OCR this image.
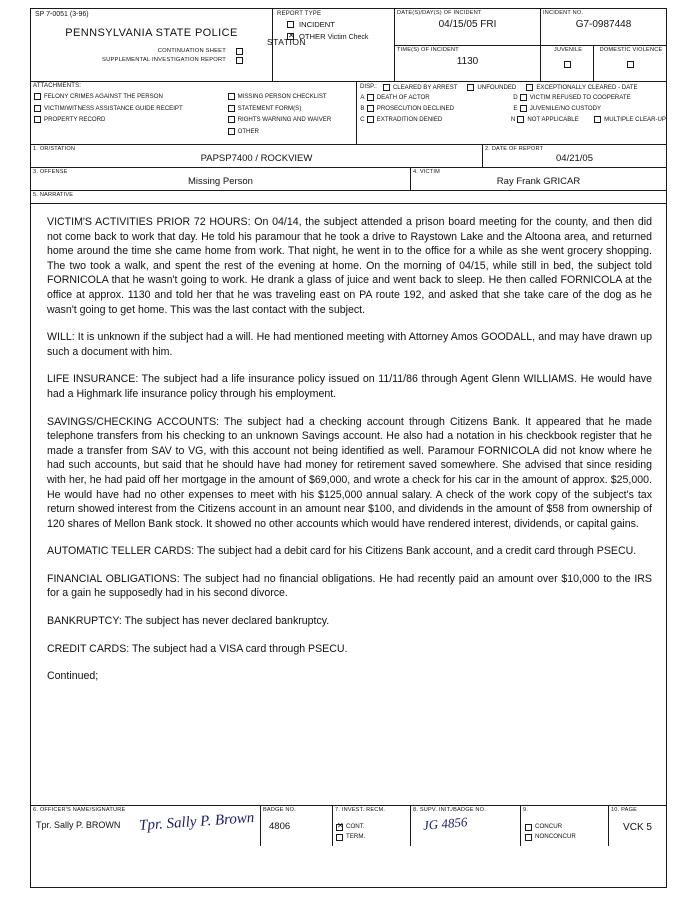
SP 7-0051 (3-96)
PENNSYLVANIA STATE POLICE
CONTINUATION SHEET
SUPPLEMENTAL INVESTIGATION REPORT
REPORT TYPE
INCIDENT
✕OTHER Victim Check
DATE(S)/DAY(S) OF INCIDENT
04/15/05 FRI
TIME(S) OF INCIDENT
1130
INCIDENT NO.
G7-0987448
JUVENILE	DOMESTIC VIOLENCE
ATTACHMENTS:
FELONY CRIMES AGAINST THE PERSON
VICTIM/WITNESS ASSISTANCE GUIDE RECEIPT
PROPERTY RECORD
MISSING PERSON CHECKLIST
STATEMENT FORM(S)
RIGHTS WARNING AND WAIVER
OTHER
DISP.:	CLEARED BY ARREST	UNFOUNDED	EXCEPTIONALLY CLEARED - DATE
A	DEATH OF ACTOR	D	VICTIM REFUSED TO COOPERATE
B	PROSECUTION DECLINED	E	JUVENILE/NO CUSTODY
C	EXTRADITION DENIED	N	NOT APPLICABLE	MULTIPLE CLEAR-UP
1. OR/STATION
PAPSP7400 / ROCKVIEW
2. DATE OF REPORT
04/21/05
3. OFFENSE
Missing Person
4. VICTIM
Ray Frank GRICAR
5. NARRATIVE

VICTIM'S ACTIVITIES PRIOR 72 HOURS: On 04/14, the subject attended a prison board meeting for the county, and then did not come back to work that day. He told his paramour that he took a drive to Raystown Lake and the Altoona area, and returned home around the time she came home from work. That night, he went in to the office for a while as she went grocery shopping. The two took a walk, and spent the rest of the evening at home. On the morning of 04/15, while still in bed, the subject told FORNICOLA that he wasn't going to work. He drank a glass of juice and went back to sleep. He then called FORNICOLA at the office at approx. 1130 and told her that he was traveling east on PA route 192, and asked that she take care of the dog as he wasn't going to get home. This was the last contact with the subject.

WILL: It is unknown if the subject had a will. He had mentioned meeting with Attorney Amos GOODALL, and may have drawn up such a document with him.

LIFE INSURANCE: The subject had a life insurance policy issued on 11/11/86 through Agent Glenn WILLIAMS. He would have had a Highmark life insurance policy through his employment.

SAVINGS/CHECKING ACCOUNTS: The subject had a checking account through Citizens Bank. It appeared that he made telephone transfers from his checking to an unknown Savings account. He also had a notation in his checkbook register that he made a transfer from SAV to VG, with this account not being identified as well. Paramour FORNICOLA did not know where he had such accounts, but said that he should have had money for retirement saved somewhere. She advised that since residing with her, he had paid off her mortgage in the amount of $69,000, and wrote a check for his car in the amount of approx. $25,000. He would have had no other expenses to meet with his $125,000 annual salary. A check of the work copy of the subject's tax return showed interest from the Citizens account in an amount near $100, and dividends in the amount of $58 from ownership of 120 shares of Mellon Bank stock. It showed no other accounts which would have rendered interest, dividends, or capital gains.

AUTOMATIC TELLER CARDS: The subject had a debit card for his Citizens Bank account, and a credit card through PSECU.

FINANCIAL OBLIGATIONS: The subject had no financial obligations. He had recently paid an amount over $10,000 to the IRS for a gain he supposedly had in his second divorce.

BANKRUPTCY: The subject has never declared bankruptcy.

CREDIT CARDS: The subject had a VISA card through PSECU.

Continued;

6. OFFICER'S NAME/SIGNATURE
Tpr. Sally P. BROWN	Tpr. Sally P. Brown	BADGE NO.
4806
7. INVEST. RECM.
✕
CONT.
TERM.
8. SUPV. INIT./BADGE NO.
JG 4856
9.
CONCUR
NONCONCUR
10. PAGE
VCK 5
STATION
